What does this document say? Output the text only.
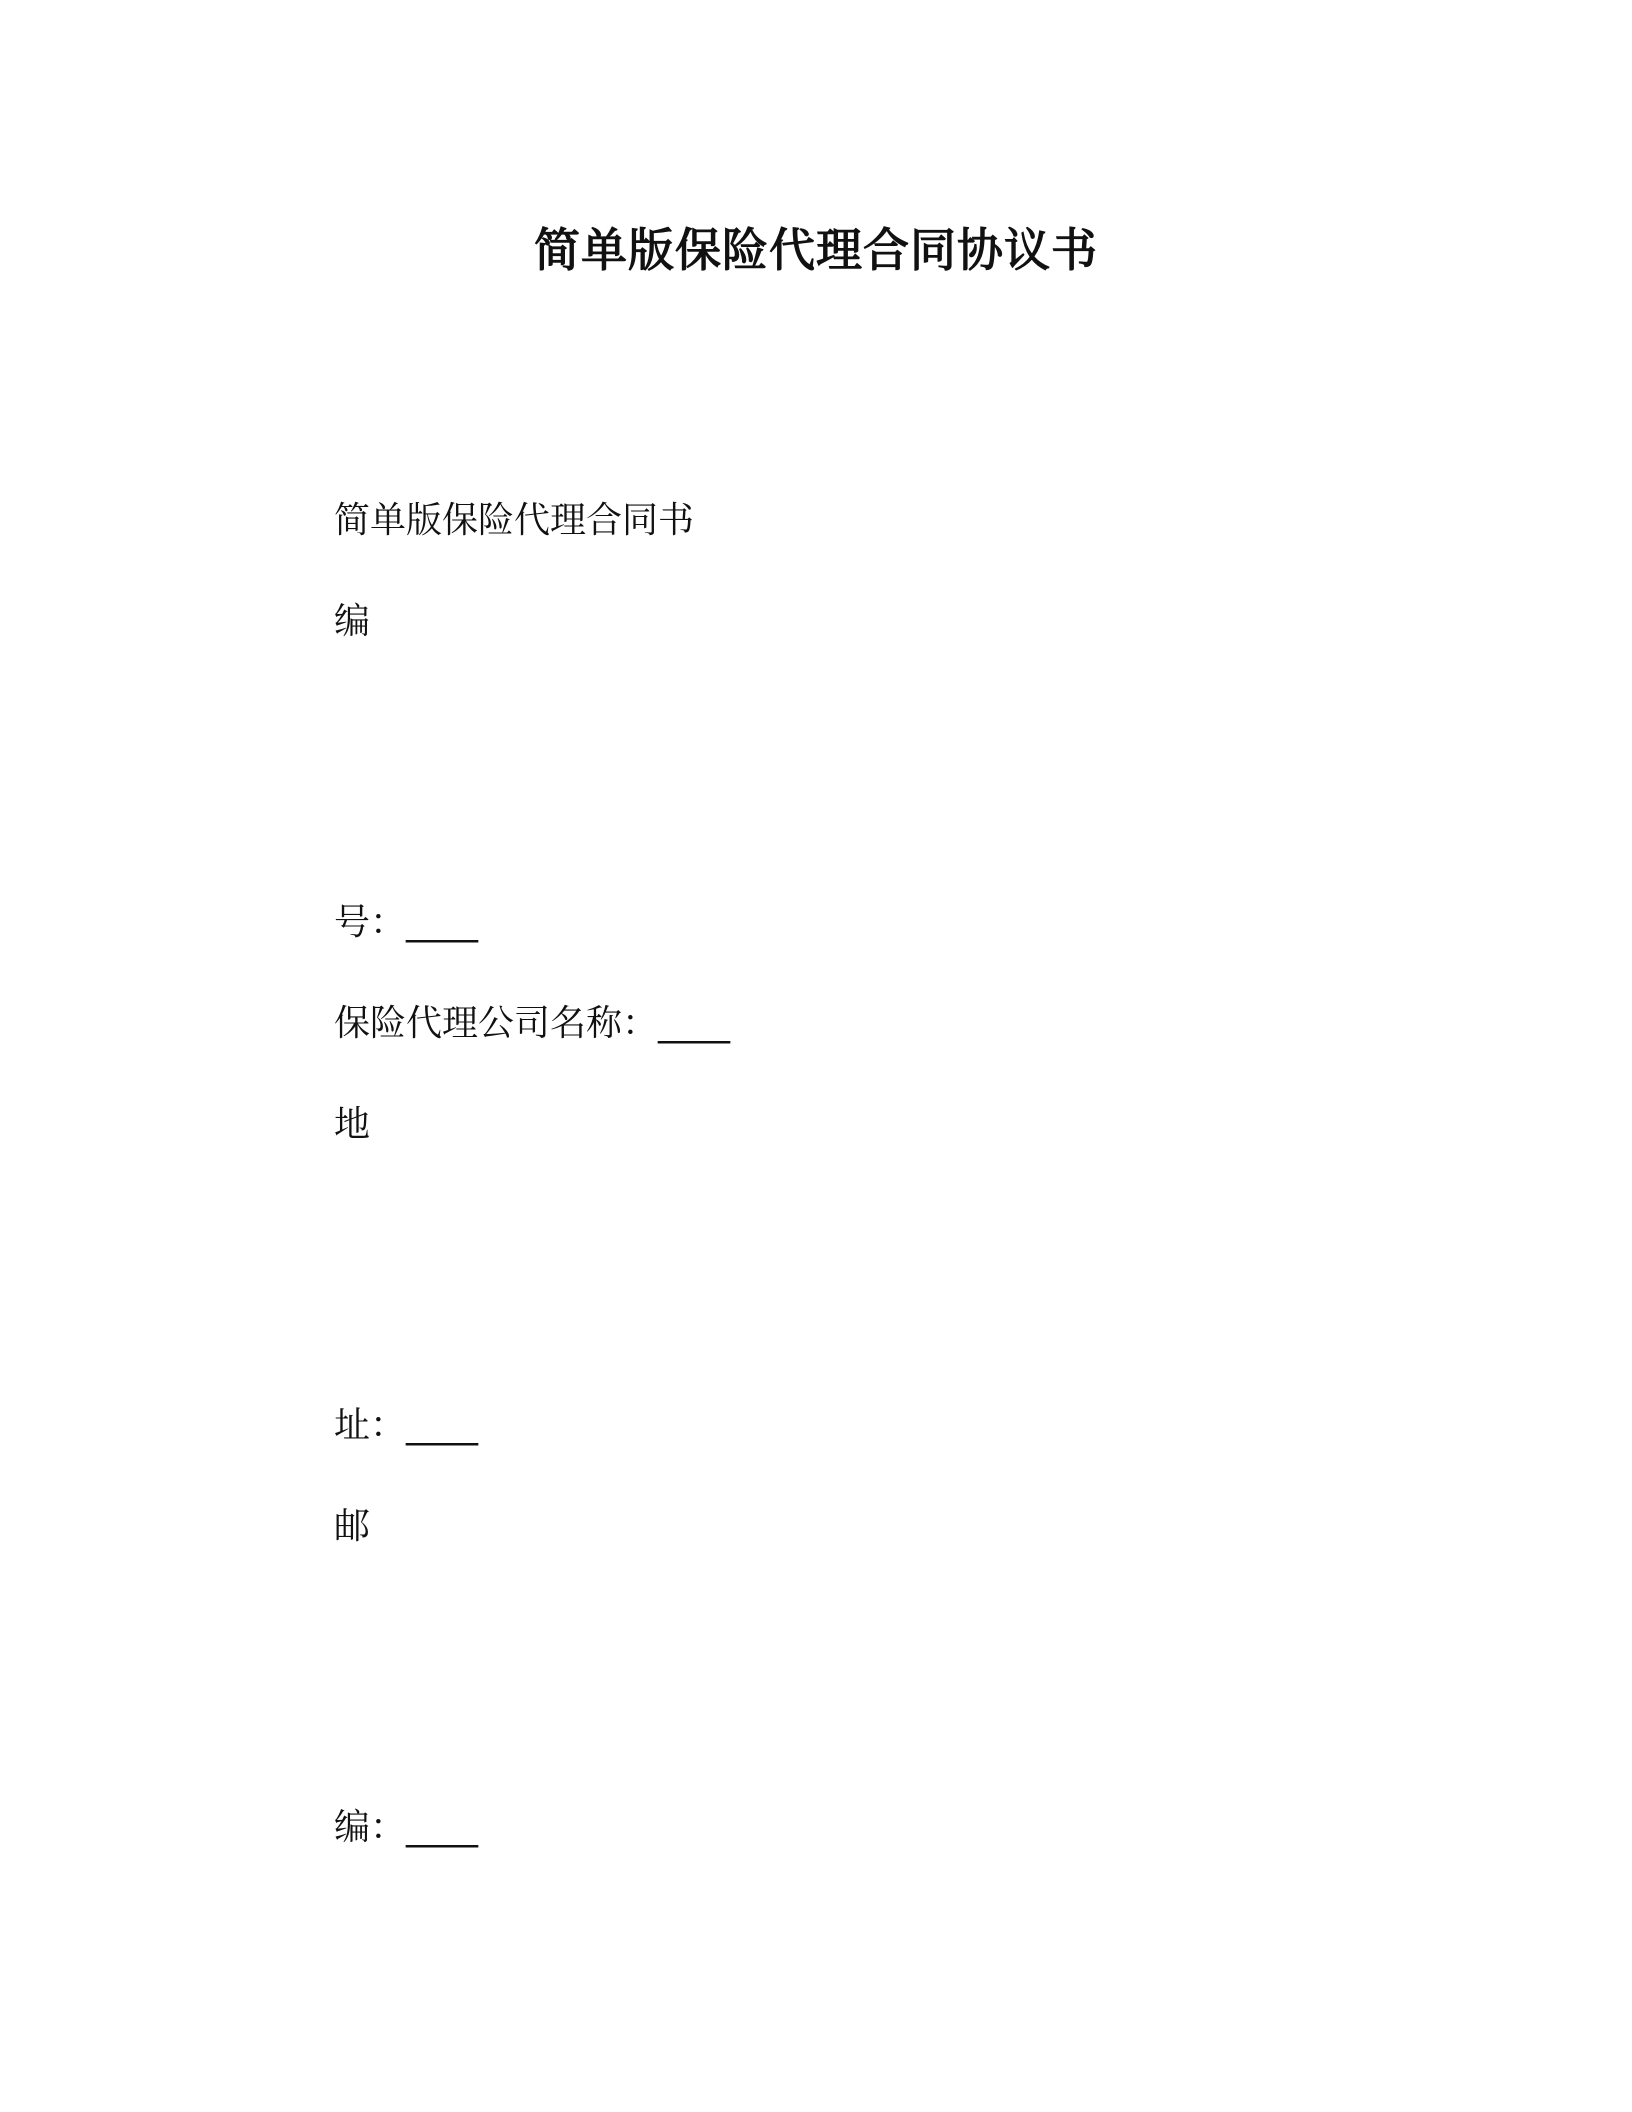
简单版保险代理合同协议书

简单版保险代理合同书

编

号：____

保险代理公司名称：____

地

址：____

邮

编：____
